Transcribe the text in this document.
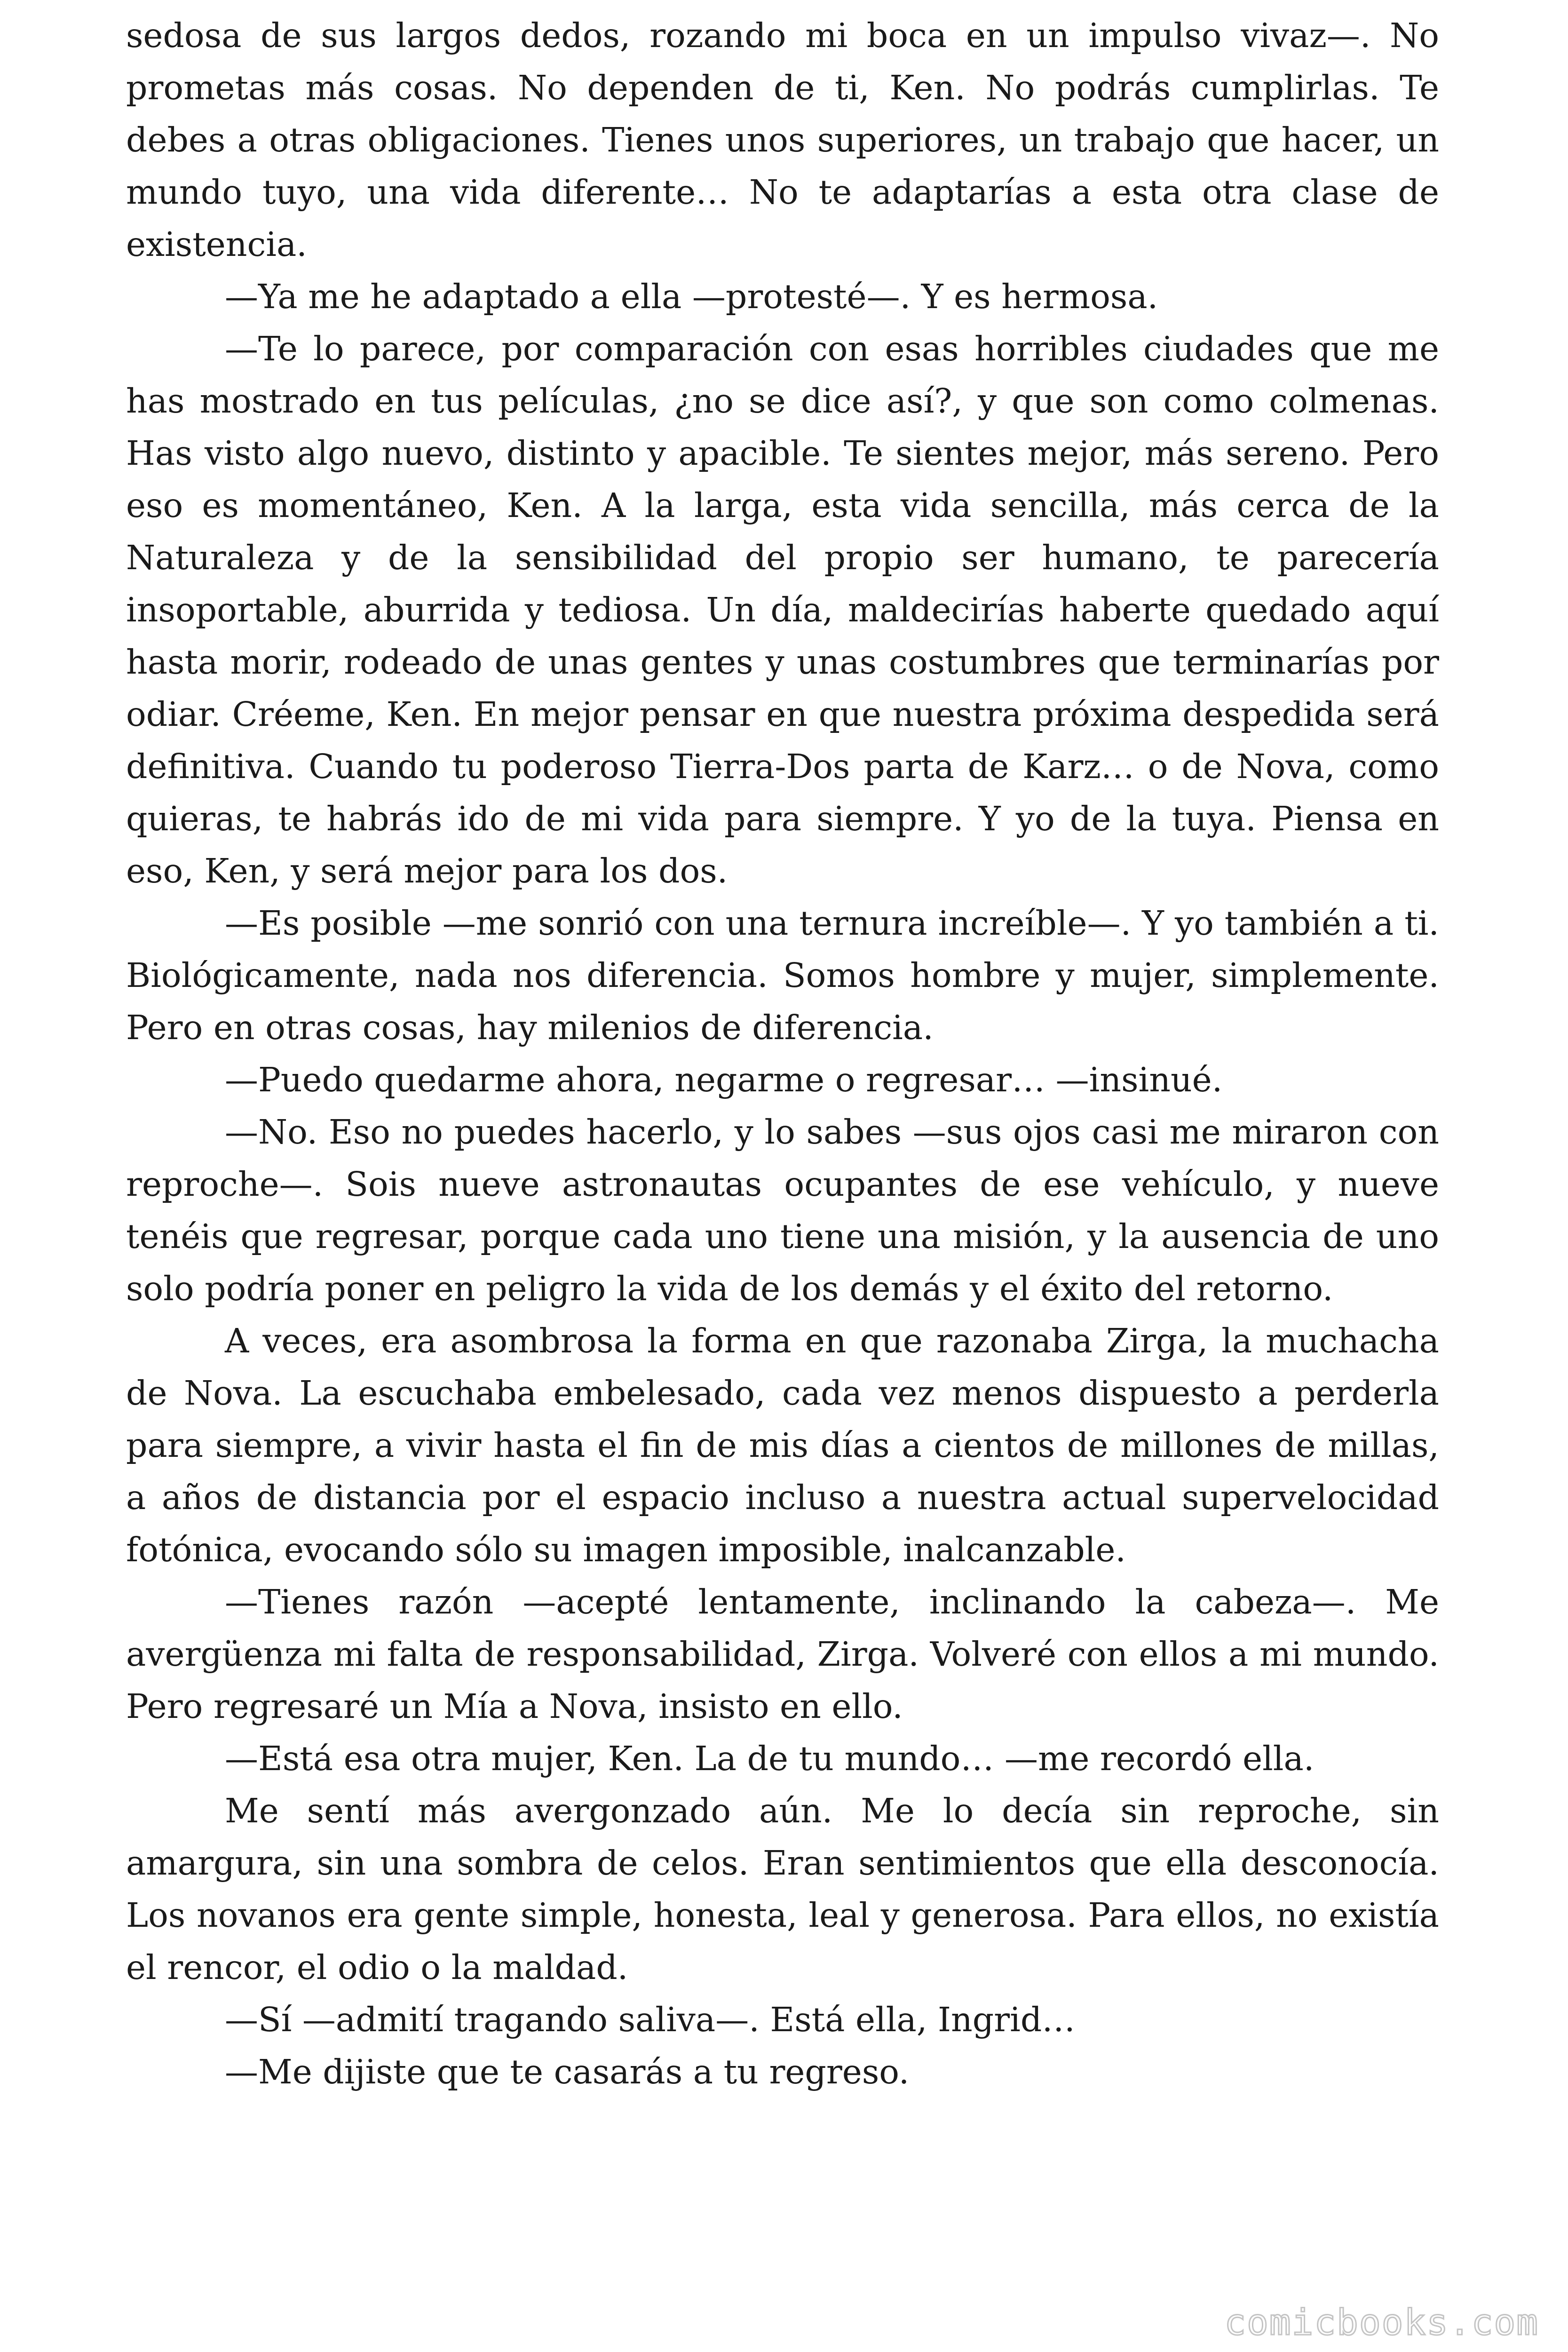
sedosa de sus largos dedos, rozando mi boca en un impulso vivaz—. No prometas más cosas. No dependen de ti, Ken. No podrás cumplirlas. Te debes a otras obligaciones. Tienes unos superiores, un trabajo que hacer, un mundo tuyo, una vida diferente… No te adaptarías a esta otra clase de existencia.

—Ya me he adaptado a ella —protesté—. Y es hermosa.

—Te lo parece, por comparación con esas horribles ciudades que me has mostrado en tus películas, ¿no se dice así?, y que son como colmenas. Has visto algo nuevo, distinto y apacible. Te sientes mejor, más sereno. Pero eso es momentáneo, Ken. A la larga, esta vida sencilla, más cerca de la Naturaleza y de la sensibilidad del propio ser humano, te parecería insoportable, aburrida y tediosa. Un día, maldecirías haberte quedado aquí hasta morir, rodeado de unas gentes y unas costumbres que terminarías por odiar. Créeme, Ken. En mejor pensar en que nuestra próxima despedida será definitiva. Cuando tu poderoso Tierra-Dos parta de Karz… o de Nova, como quieras, te habrás ido de mi vida para siempre. Y yo de la tuya. Piensa en eso, Ken, y será mejor para los dos.

—Es posible —me sonrió con una ternura increíble—. Y yo también a ti. Biológicamente, nada nos diferencia. Somos hombre y mujer, simplemente. Pero en otras cosas, hay milenios de diferencia.

—Puedo quedarme ahora, negarme o regresar… —insinué.

—No. Eso no puedes hacerlo, y lo sabes —sus ojos casi me miraron con reproche—. Sois nueve astronautas ocupantes de ese vehículo, y nueve tenéis que regresar, porque cada uno tiene una misión, y la ausencia de uno solo podría poner en peligro la vida de los demás y el éxito del retorno.

A veces, era asombrosa la forma en que razonaba Zirga, la muchacha de Nova. La escuchaba embelesado, cada vez menos dispuesto a perderla para siempre, a vivir hasta el fin de mis días a cientos de millones de millas, a años de distancia por el espacio incluso a nuestra actual supervelocidad fotónica, evocando sólo su imagen imposible, inalcanzable.

—Tienes razón —acepté lentamente, inclinando la cabeza—. Me avergüenza mi falta de responsabilidad, Zirga. Volveré con ellos a mi mundo. Pero regresaré un Mía a Nova, insisto en ello.

—Está esa otra mujer, Ken. La de tu mundo… —me recordó ella.

Me sentí más avergonzado aún. Me lo decía sin reproche, sin amargura, sin una sombra de celos. Eran sentimientos que ella desconocía. Los novanos era gente simple, honesta, leal y generosa. Para ellos, no existía el rencor, el odio o la maldad.

—Sí —admití tragando saliva—. Está ella, Ingrid…

—Me dijiste que te casarás a tu regreso.

comicbooks.com
